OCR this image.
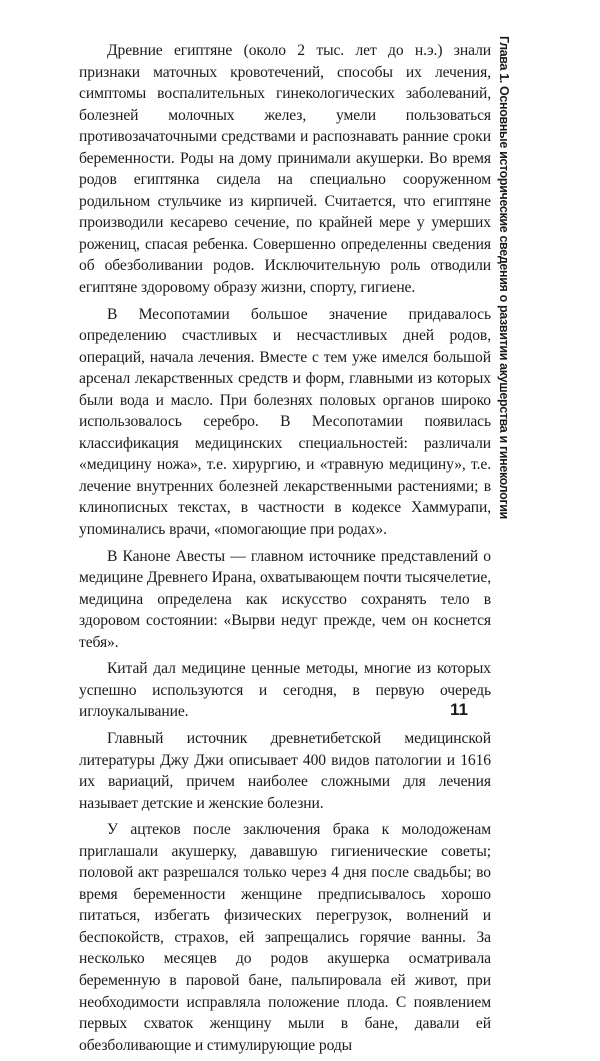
Древние египтяне (около 2 тыс. лет до н.э.) знали признаки маточных кровотечений, способы их лечения, симптомы воспалительных гинекологических заболеваний, болезней молочных желез, умели пользоваться противозачаточными средствами и распознавать ранние сроки беременности. Роды на дому принимали акушерки. Во время родов египтянка сидела на специально сооруженном родильном стульчике из кирпичей. Считается, что египтяне производили кесарево сечение, по крайней мере у умерших рожениц, спасая ребенка. Совершенно определенны сведения об обезболивании родов. Исключительную роль отводили египтяне здоровому образу жизни, спорту, гигиене.

В Месопотамии большое значение придавалось определению счастливых и несчастливых дней родов, операций, начала лечения. Вместе с тем уже имелся большой арсенал лекарственных средств и форм, главными из которых были вода и масло. При болезнях половых органов широко использовалось серебро. В Месопотамии появилась классификация медицинских специальностей: различали «медицину ножа», т.е. хирургию, и «травную медицину», т.е. лечение внутренних болезней лекарственными растениями; в клинописных текстах, в частности в кодексе Хаммурапи, упоминались врачи, «помогающие при родах».

В Каноне Авесты — главном источнике представлений о медицине Древнего Ирана, охватывающем почти тысячелетие, медицина определена как искусство сохранять тело в здоровом состоянии: «Вырви недуг прежде, чем он коснется тебя».

Китай дал медицине ценные методы, многие из которых успешно используются и сегодня, в первую очередь иглоукалывание.

Главный источник древнетибетской медицинской литературы Джу Джи описывает 400 видов патологии и 1616 их вариаций, причем наиболее сложными для лечения называет детские и женские болезни.

У ацтеков после заключения брака к молодоженам приглашали акушерку, дававшую гигиенические советы; половой акт разрешался только через 4 дня после свадьбы; во время беременности женщине предписывалось хорошо питаться, избегать физических перегрузок, волнений и беспокойств, страхов, ей запрещались горячие ванны. За несколько месяцев до родов акушерка осматривала беременную в паровой бане, пальпировала ей живот, при необходимости исправляла положение плода. С появлением первых схваток женщину мыли в бане, давали ей обезболивающие и стимулирующие роды

Глава 1. Основные исторические сведения о развитии акушерства и гинекологии
11
